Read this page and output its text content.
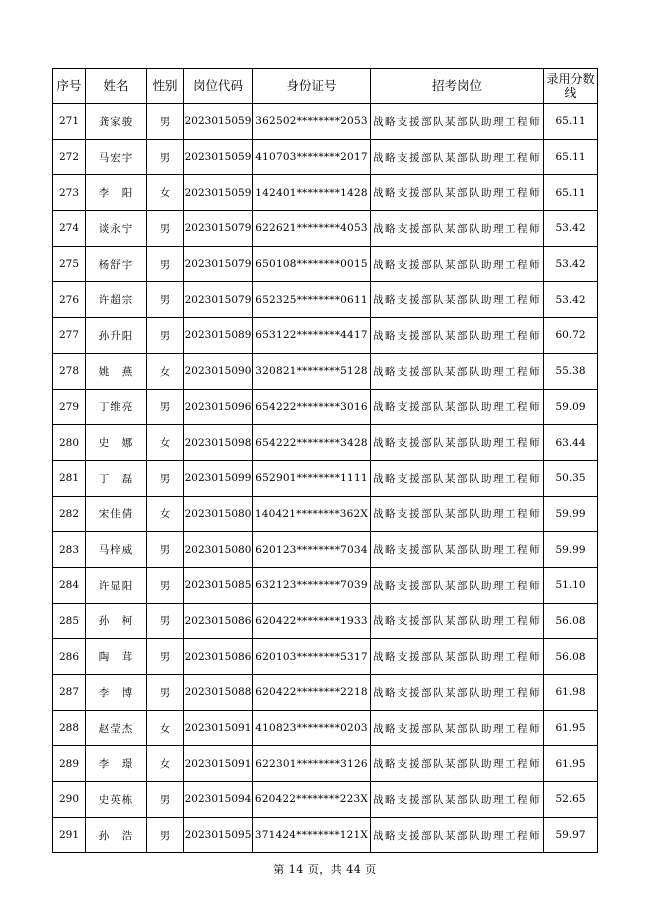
序号	姓名	性别	岗位代码	身份证号	招考岗位	录用分数线
271	龚家骏	男	2023015059	362502********2053	战略支援部队某部队助理工程师	65.11
272	马宏宇	男	2023015059	410703********2017	战略支援部队某部队助理工程师	65.11
273	李　阳	女	2023015059	142401********1428	战略支援部队某部队助理工程师	65.11
274	谈永宁	男	2023015079	622621********4053	战略支援部队某部队助理工程师	53.42
275	杨舒宇	男	2023015079	650108********0015	战略支援部队某部队助理工程师	53.42
276	许超宗	男	2023015079	652325********0611	战略支援部队某部队助理工程师	53.42
277	孙升阳	男	2023015089	653122********4417	战略支援部队某部队助理工程师	60.72
278	姚　燕	女	2023015090	320821********5128	战略支援部队某部队助理工程师	55.38
279	丁维亮	男	2023015096	654222********3016	战略支援部队某部队助理工程师	59.09
280	史　娜	女	2023015098	654222********3428	战略支援部队某部队助理工程师	63.44
281	丁　磊	男	2023015099	652901********1111	战略支援部队某部队助理工程师	50.35
282	宋佳倩	女	2023015080	140421********362X	战略支援部队某部队助理工程师	59.99
283	马梓威	男	2023015080	620123********7034	战略支援部队某部队助理工程师	59.99
284	许显阳	男	2023015085	632123********7039	战略支援部队某部队助理工程师	51.10
285	孙　柯	男	2023015086	620422********1933	战略支援部队某部队助理工程师	56.08
286	陶　茸	男	2023015086	620103********5317	战略支援部队某部队助理工程师	56.08
287	李　博	男	2023015088	620422********2218	战略支援部队某部队助理工程师	61.98
288	赵莹杰	女	2023015091	410823********0203	战略支援部队某部队助理工程师	61.95
289	李　璟	女	2023015091	622301********3126	战略支援部队某部队助理工程师	61.95
290	史英栋	男	2023015094	620422********223X	战略支援部队某部队助理工程师	52.65
291	孙　浩	男	2023015095	371424********121X	战略支援部队某部队助理工程师	59.97
第 14 页，共 44 页
